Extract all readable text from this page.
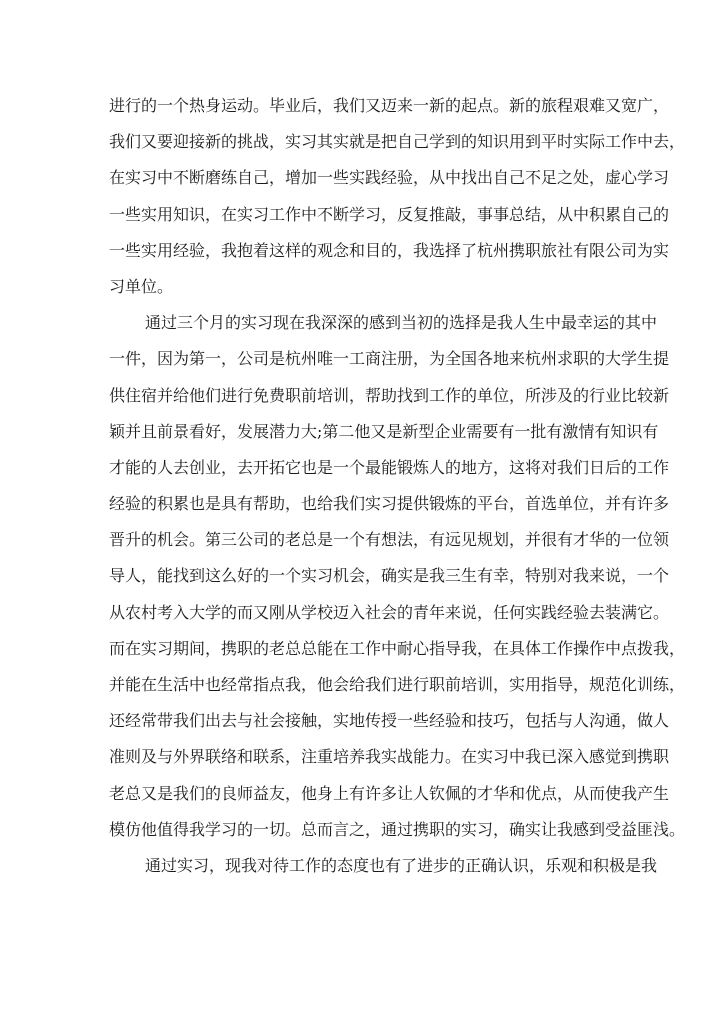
进行的一个热身运动。毕业后，我们又迈来一新的起点。新的旅程艰难又宽广，
我们又要迎接新的挑战，实习其实就是把自己学到的知识用到平时实际工作中去，
在实习中不断磨练自己，增加一些实践经验，从中找出自己不足之处，虚心学习
一些实用知识，在实习工作中不断学习，反复推敲，事事总结，从中积累自己的
一些实用经验，我抱着这样的观念和目的，我选择了杭州携职旅社有限公司为实
习单位。
通过三个月的实习现在我深深的感到当初的选择是我人生中最幸运的其中
一件，因为第一，公司是杭州唯一工商注册，为全国各地来杭州求职的大学生提
供住宿并给他们进行免费职前培训，帮助找到工作的单位，所涉及的行业比较新
颖并且前景看好，发展潜力大;第二他又是新型企业需要有一批有激情有知识有
才能的人去创业，去开拓它也是一个最能锻炼人的地方，这将对我们日后的工作
经验的积累也是具有帮助，也给我们实习提供锻炼的平台，首选单位，并有许多
晋升的机会。第三公司的老总是一个有想法，有远见规划，并很有才华的一位领
导人，能找到这么好的一个实习机会，确实是我三生有幸，特别对我来说，一个
从农村考入大学的而又刚从学校迈入社会的青年来说，任何实践经验去装满它。
而在实习期间，携职的老总总能在工作中耐心指导我，在具体工作操作中点拨我，
并能在生活中也经常指点我，他会给我们进行职前培训，实用指导，规范化训练，
还经常带我们出去与社会接触，实地传授一些经验和技巧，包括与人沟通，做人
准则及与外界联络和联系，注重培养我实战能力。在实习中我已深入感觉到携职
老总又是我们的良师益友，他身上有许多让人钦佩的才华和优点，从而使我产生
模仿他值得我学习的一切。总而言之，通过携职的实习，确实让我感到受益匪浅。
通过实习，现我对待工作的态度也有了进步的正确认识，乐观和积极是我
